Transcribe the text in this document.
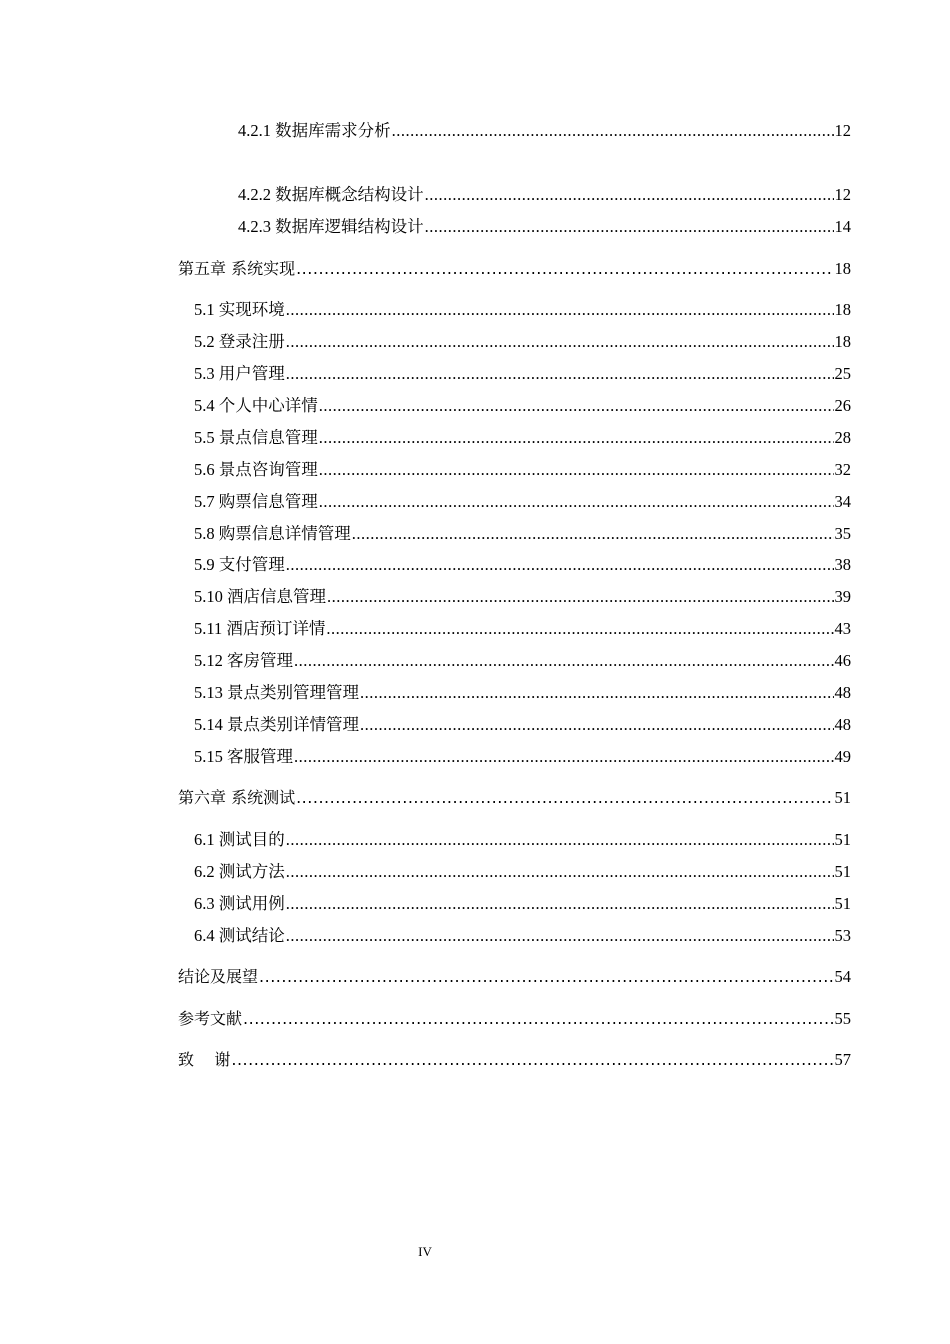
4.2.1 数据库需求分析 .....	12
4.2.2 数据库概念结构设计 .....	12
4.2.3 数据库逻辑结构设计 .....	14
第五章 系统实现 .....	18
5.1 实现环境 .....	18
5.2 登录注册 .....	18
5.3 用户管理 .....	25
5.4 个人中心详情 .....	26
5.5 景点信息管理 .....	28
5.6 景点咨询管理 .....	32
5.7 购票信息管理 .....	34
5.8 购票信息详情管理 .....	35
5.9 支付管理 .....	38
5.10 酒店信息管理 .....	39
5.11 酒店预订详情 .....	43
5.12 客房管理 .....	46
5.13 景点类别管理管理 .....	48
5.14 景点类别详情管理 .....	48
5.15 客服管理 .....	49
第六章 系统测试 .....	51
6.1 测试目的 .....	51
6.2 测试方法 .....	51
6.3 测试用例 .....	51
6.4 测试结论 .....	53
结论及展望 .....	54
参考文献 .....	55
致    谢 .....	57
IV
